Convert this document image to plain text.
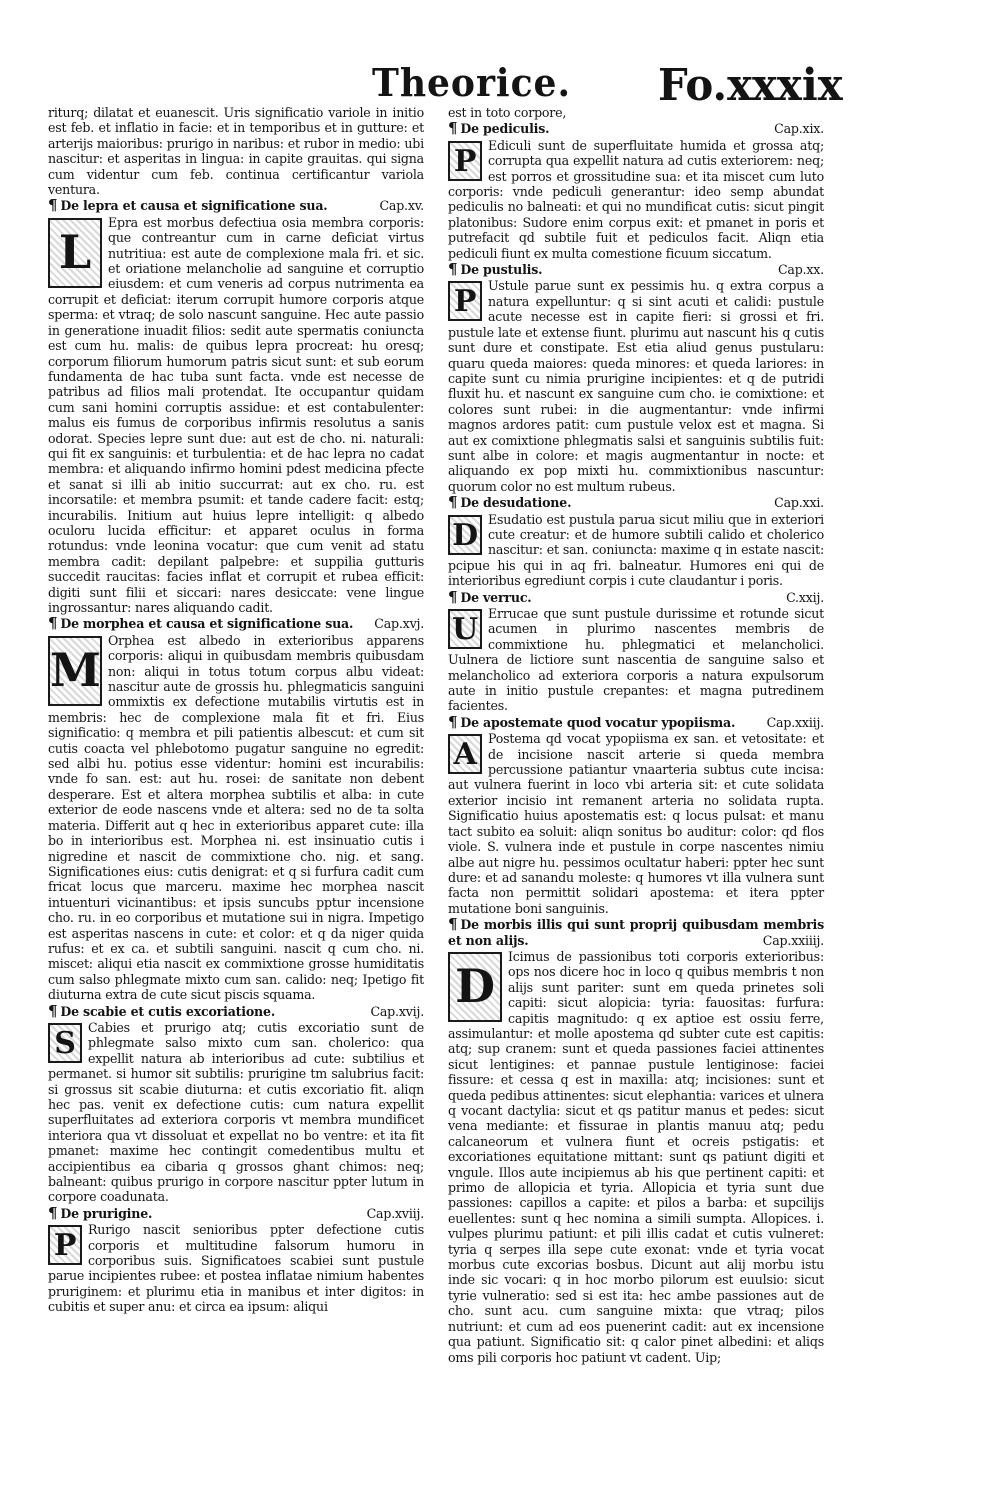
Theorice. Fo.xxxix

riturq; dilatat et euanescit. Uris significatio variole in initio est feb. et inflatio in facie: et in temporibus et in gutture: et arterijs maioribus: prurigo in naribus: et rubor in medio: ubi nascitur: et asperitas in lingua: in capite grauitas. qui signa cum videntur cum feb. continua certificantur variola ventura.

¶ De lepra et causa et significatione sua.	Cap.xv.
L

Epra est morbus defectiua osia membra corporis: que contreantur cum in carne deficiat virtus nutritiua: est aute de complexione mala fri. et sic. et oriatione melancholie ad sanguine et corruptio eiusdem: et cum veneris ad corpus nutrimenta ea corrupit et deficiat: iterum corrupit humore corporis atque sperma: et vtraq; de solo nascunt sanguine. Hec aute passio in generatione inuadit filios: sedit aute spermatis coniuncta est cum hu. malis: de quibus lepra procreat: hu oresq; corporum filiorum humorum patris sicut sunt: et sub eorum fundamenta de hac tuba sunt facta. vnde est necesse de patribus ad filios mali protendat. Ite occupantur quidam cum sani homini corruptis assidue: et est contabulenter: malus eis fumus de corporibus infirmis resolutus a sanis odorat. Species lepre sunt due: aut est de cho. ni. naturali: qui fit ex sanguinis: et turbulentia: et de hac lepra no cadat membra: et aliquando infirmo homini pdest medicina pfecte et sanat si illi ab initio succurrat: aut ex cho. ru. est incorsatile: et membra psumit: et tande cadere facit: estq; incurabilis. Initium aut huius lepre intelligit: q albedo oculoru lucida efficitur: et apparet oculus in forma rotundus: vnde leonina vocatur: que cum venit ad statu membra cadit: depilant palpebre: et suppilia gutturis succedit raucitas: facies inflat et corrupit et rubea efficit: digiti sunt filii et siccari: nares desiccate: vene lingue ingrossantur: nares aliquando cadit.

¶ De morphea et causa et significatione sua. Cap.xvj.
M

Orphea est albedo in exterioribus apparens corporis: aliqui in quibusdam membris quibusdam non: aliqui in totus totum corpus albu videat: nascitur aute de grossis hu. phlegmaticis sanguini ommixtis ex defectione mutabilis virtutis est in membris: hec de complexione mala fit et fri. Eius significatio: q membra et pili patientis albescut: et cum sit cutis coacta vel phlebotomo pugatur sanguine no egredit: sed albi hu. potius esse videntur: homini est incurabilis: vnde fo san. est: aut hu. rosei: de sanitate non debent desperare. Est et altera morphea subtilis et alba: in cute exterior de eode nascens vnde et altera: sed no de ta solta materia. Differit aut q hec in exterioribus apparet cute: illa bo in interioribus est. Morphea ni. est insinuatio cutis i nigredine et nascit de commixtione cho. nig. et sang. Significationes eius: cutis denigrat: et q si furfura cadit cum fricat locus que marceru. maxime hec morphea nascit intuenturi vicinantibus: et ipsis suncubs pptur incensione cho. ru. in eo corporibus et mutatione sui in nigra. Impetigo est asperitas nascens in cute: et color: et q da niger quida rufus: et ex ca. et subtili sanguini. nascit q cum cho. ni. miscet: aliqui etia nascit ex commixtione grosse humiditatis cum salso phlegmate mixto cum san. calido: neq; Ipetigo fit diuturna extra de cute sicut piscis squama.

¶ De scabie et cutis excoriatione.	Cap.xvij.
S Cabies et prurigo atq; cutis excoriatio sunt de phlegmate salso mixto cum san. cholerico: qua expellit natura ab interioribus ad cute: subtilius et permanet. si humor sit subtilis: prurigine tm salubrius facit: si grossus sit scabie diuturna: et cutis excoriatio fit. aliqn hec pas. venit ex defectione cutis: cum natura expellit superfluitates ad exteriora corporis vt membra mundificet interiora qua vt dissoluat et expellat no bo ventre: et ita fit pmanet: maxime hec contingit comedentibus multu et accipientibus ea cibaria q grossos ghant chimos: neq; balneant: quibus prurigo in corpore nascitur ppter lutum in corpore coadunata.

¶ De prurigine.	Cap.xviij.
P Rurigo nascit senioribus ppter defectione cutis corporis et multitudine falsorum humoru in corporibus suis. Significatoes scabiei sunt pustule parue incipientes rubee: et postea inflatae nimium habentes pruriginem: et plurimu etia in manibus et inter digitos: in cubitis et super anu: et circa ea ipsum: aliqui

est in toto corpore,

¶ De pediculis.	Cap.xix.
P Ediculi sunt de superfluitate humida et grossa atq; corrupta qua expellit natura ad cutis exteriorem: neq; est porros et grossitudine sua: et ita miscet cum luto corporis: vnde pediculi generantur: ideo semp abundat pediculis no balneati: et qui no mundificat cutis: sicut pingit platonibus: Sudore enim corpus exit: et pmanet in poris et putrefacit qd subtile fuit et pediculos facit. Aliqn etia pediculi fiunt ex multa comestione ficuum siccatum.

¶ De pustulis.	Cap.xx.
P Ustule parue sunt ex pessimis hu. q extra corpus a natura expelluntur: q si sint acuti et calidi: pustule acute necesse est in capite fieri: si grossi et fri. pustule late et extense fiunt. plurimu aut nascunt his q cutis sunt dure et constipate. Est etia aliud genus pustularu: quaru queda maiores: queda minores: et queda lariores: in capite sunt cu nimia prurigine incipientes: et q de putridi fluxit hu. et nascunt ex sanguine cum cho. ie comixtione: et colores sunt rubei: in die augmentantur: vnde infirmi magnos ardores patit: cum pustule velox est et magna. Si aut ex comixtione phlegmatis salsi et sanguinis subtilis fuit: sunt albe in colore: et magis augmentantur in nocte: et aliquando ex pop mixti hu. commixtionibus nascuntur: quorum color no est multum rubeus.

¶ De desudatione.	Cap.xxi.
D Esudatio est pustula parua sicut miliu que in exteriori cute creatur: et de humore subtili calido et cholerico nascitur: et san. coniuncta: maxime q in estate nascit: pcipue his qui in aq fri. balneatur. Humores eni qui de interioribus egrediunt corpis i cute claudantur i poris.

¶ De verruc.	C.xxij.
U Errucae que sunt pustule durissime et rotunde sicut acumen in plurimo nascentes membris de commixtione hu. phlegmatici et melancholici. Uulnera de lictiore sunt nascentia de sanguine salso et melancholico ad exteriora corporis a natura expulsorum aute in initio pustule crepantes: et magna putredinem facientes.

¶ De apostemate quod vocatur ypopiisma. Cap.xxiij.
A Postema qd vocat ypopiisma ex san. et vetositate: et de incisione nascit arterie si queda membra percussione patiantur vnaarteria subtus cute incisa: aut vulnera fuerint in loco vbi arteria sit: et cute solidata exterior incisio int remanent arteria no solidata rupta. Significatio huius apostematis est: q locus pulsat: et manu tact subito ea soluit: aliqn sonitus bo auditur: color: qd flos viole. S. vulnera inde et pustule in corpe nascentes nimiu albe aut nigre hu. pessimos ocultatur haberi: ppter hec sunt dure: et ad sanandu moleste: q humores vt illa vulnera sunt facta non permittit solidari apostema: et itera ppter mutatione boni sanguinis.

¶ De morbis illis qui sunt proprij quibusdam membris et non alijs.	Cap.xxiiij.
D

Icimus de passionibus toti corporis exterioribus: ops nos dicere hoc in loco q quibus membris t non alijs sunt pariter: sunt em queda prinetes soli capiti: sicut alopicia: tyria: fauositas: furfura: capitis magnitudo: q ex aptioe est ossiu ferre, assimulantur: et molle apostema qd subter cute est capitis: atq; sup cranem: sunt et queda passiones faciei attinentes sicut lentigines: et pannae pustule lentiginose: faciei fissure: et cessa q est in maxilla: atq; incisiones: sunt et queda pedibus attinentes: sicut elephantia: varices et ulnera q vocant dactylia: sicut et qs patitur manus et pedes: sicut vena mediante: et fissurae in plantis manuu atq; pedu calcaneorum et vulnera fiunt et ocreis pstigatis: et excoriationes equitatione mittant: sunt qs patiunt digiti et vngule. Illos aute incipiemus ab his que pertinent capiti: et primo de allopicia et tyria. Allopicia et tyria sunt due passiones: capillos a capite: et pilos a barba: et supcilijs euellentes: sunt q hec nomina a simili sumpta. Allopices. i. vulpes plurimu patiunt: et pili illis cadat et cutis vulneret: tyria q serpes illa sepe cute exonat: vnde et tyria vocat morbus cute excorias bosbus. Dicunt aut alij morbu istu inde sic vocari: q in hoc morbo pilorum est euulsio: sicut tyrie vulneratio: sed si est ita: hec ambe passiones aut de cho. sunt acu. cum sanguine mixta: que vtraq; pilos nutriunt: et cum ad eos puenerint cadit: aut ex incensione qua patiunt. Significatio sit: q calor pinet albedini: et aliqs oms pili corporis hoc patiunt vt cadent. Uip;
